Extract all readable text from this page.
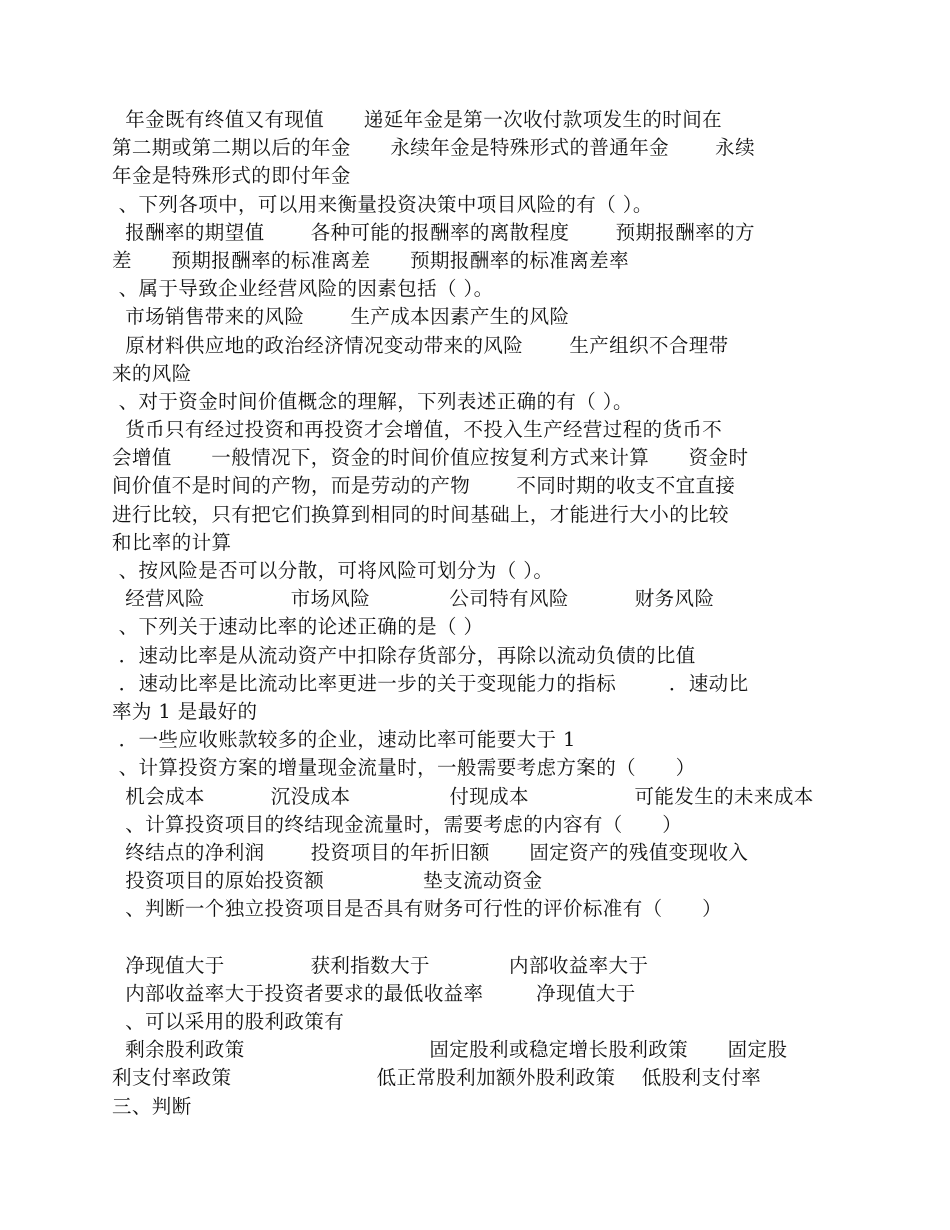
年金既有终值又有现值      递延年金是第一次收付款项发生的时间在
第二期或第二期以后的年金      永续年金是特殊形式的普通年金       永续
年金是特殊形式的即付年金
、下列各项中，可以用来衡量投资决策中项目风险的有（ ）。
报酬率的期望值       各种可能的报酬率的离散程度       预期报酬率的方
差      预期报酬率的标准离差      预期报酬率的标准离差率
、属于导致企业经营风险的因素包括（ ）。
市场销售带来的风险       生产成本因素产生的风险
原材料供应地的政治经济情况变动带来的风险       生产组织不合理带
来的风险
、对于资金时间价值概念的理解，下列表述正确的有（ ）。
货币只有经过投资和再投资才会增值，不投入生产经营过程的货币不
会增值      一般情况下，资金的时间价值应按复利方式来计算      资金时
间价值不是时间的产物，而是劳动的产物       不同时期的收支不宜直接
进行比较，只有把它们换算到相同的时间基础上，才能进行大小的比较
和比率的计算
、按风险是否可以分散，可将风险可划分为（ ）。
经营风险             市场风险            公司特有风险          财务风险
、下列关于速动比率的论述正确的是（ ）
．速动比率是从流动资产中扣除存货部分，再除以流动负债的比值
．速动比率是比流动比率更进一步的关于变现能力的指标        ．速动比
率为 1 是最好的
．一些应收账款较多的企业，速动比率可能要大于 1
、计算投资方案的增量现金流量时，一般需要考虑方案的（      ）
机会成本          沉没成本               付现成本                可能发生的未来成本
、计算投资项目的终结现金流量时，需要考虑的内容有（      ）
终结点的净利润       投资项目的年折旧额      固定资产的残值变现收入
投资项目的原始投资额               垫支流动资金
、判断一个独立投资项目是否具有财务可行性的评价标准有（      ）
净现值大于             获利指数大于            内部收益率大于
内部收益率大于投资者要求的最低收益率        净现值大于
、可以采用的股利政策有
剩余股利政策                            固定股利或稳定增长股利政策      固定股
利支付率政策                      低正常股利加额外股利政策    低股利支付率
三、判断
